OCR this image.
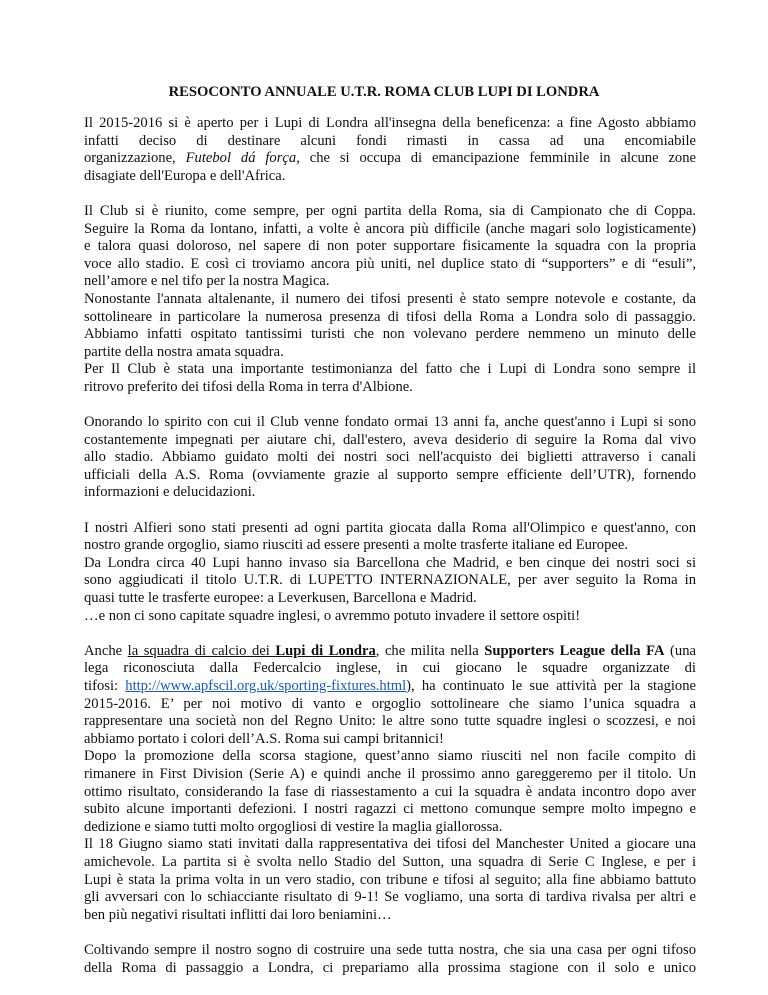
RESOCONTO ANNUALE U.T.R. ROMA CLUB LUPI DI LONDRA

Il 2015-2016 si è aperto per i Lupi di Londra all'insegna della beneficenza: a fine Agosto abbiamo
infatti deciso di destinare alcuni fondi rimasti in cassa ad una encomiabile
organizzazione, Futebol dá força, che si occupa di emancipazione femminile in alcune zone
disagiate dell'Europa e dell'Africa.

Il Club si è riunito, come sempre, per ogni partita della Roma, sia di Campionato che di Coppa.
Seguire la Roma da lontano, infatti, a volte è ancora più difficile (anche magari solo logisticamente)
e talora quasi doloroso, nel sapere di non poter supportare fisicamente la squadra con la propria
voce allo stadio. E così ci troviamo ancora più uniti, nel duplice stato di “supporters” e di “esuli”,
nell’amore e nel tifo per la nostra Magica.
Nonostante l'annata altalenante, il numero dei tifosi presenti è stato sempre notevole e costante, da
sottolineare in particolare la numerosa presenza di tifosi della Roma a Londra solo di passaggio.
Abbiamo infatti ospitato tantissimi turisti che non volevano perdere nemmeno un minuto delle
partite della nostra amata squadra.
Per Il Club è stata una importante testimonianza del fatto che i Lupi di Londra sono sempre il
ritrovo preferito dei tifosi della Roma in terra d'Albione.

Onorando lo spirito con cui il Club venne fondato ormai 13 anni fa, anche quest'anno i Lupi si sono
costantemente impegnati per aiutare chi, dall'estero, aveva desiderio di seguire la Roma dal vivo
allo stadio. Abbiamo guidato molti dei nostri soci nell'acquisto dei biglietti attraverso i canali
ufficiali della A.S. Roma (ovviamente grazie al supporto sempre efficiente dell’UTR), fornendo
informazioni e delucidazioni.

I nostri Alfieri sono stati presenti ad ogni partita giocata dalla Roma all'Olimpico e quest'anno, con
nostro grande orgoglio, siamo riusciti ad essere presenti a molte trasferte italiane ed Europee.
Da Londra circa 40 Lupi hanno invaso sia Barcellona che Madrid, e ben cinque dei nostri soci si
sono aggiudicati il titolo U.T.R. di LUPETTO INTERNAZIONALE, per aver seguito la Roma in
quasi tutte le trasferte europee: a Leverkusen, Barcellona e Madrid.
…e non ci sono capitate squadre inglesi, o avremmo potuto invadere il settore ospiti!

Anche la squadra di calcio dei Lupi di Londra, che milita nella Supporters League della FA (una
lega riconosciuta dalla Federcalcio inglese, in cui giocano le squadre organizzate di
tifosi: http://www.apfscil.org.uk/sporting-fixtures.html), ha continuato le sue attività per la stagione
2015-2016. E’ per noi motivo di vanto e orgoglio sottolineare che siamo l’unica squadra a
rappresentare una società non del Regno Unito: le altre sono tutte squadre inglesi o scozzesi, e noi
abbiamo portato i colori dell’A.S. Roma sui campi britannici!
Dopo la promozione della scorsa stagione, quest’anno siamo riusciti nel non facile compito di
rimanere in First Division (Serie A) e quindi anche il prossimo anno gareggeremo per il titolo. Un
ottimo risultato, considerando la fase di riassestamento a cui la squadra è andata incontro dopo aver
subito alcune importanti defezioni. I nostri ragazzi ci mettono comunque sempre molto impegno e
dedizione e siamo tutti molto orgogliosi di vestire la maglia giallorossa.
Il 18 Giugno siamo stati invitati dalla rappresentativa dei tifosi del Manchester United a giocare una
amichevole. La partita si è svolta nello Stadio del Sutton, una squadra di Serie C Inglese, e per i
Lupi è stata la prima volta in un vero stadio, con tribune e tifosi al seguito; alla fine abbiamo battuto
gli avversari con lo schiacciante risultato di 9-1! Se vogliamo, una sorta di tardiva rivalsa per altri e
ben più negativi risultati inflitti dai loro beniamini…

Coltivando sempre il nostro sogno di costruire una sede tutta nostra, che sia una casa per ogni tifoso
della Roma di passaggio a Londra, ci prepariamo alla prossima stagione con il solo e unico
